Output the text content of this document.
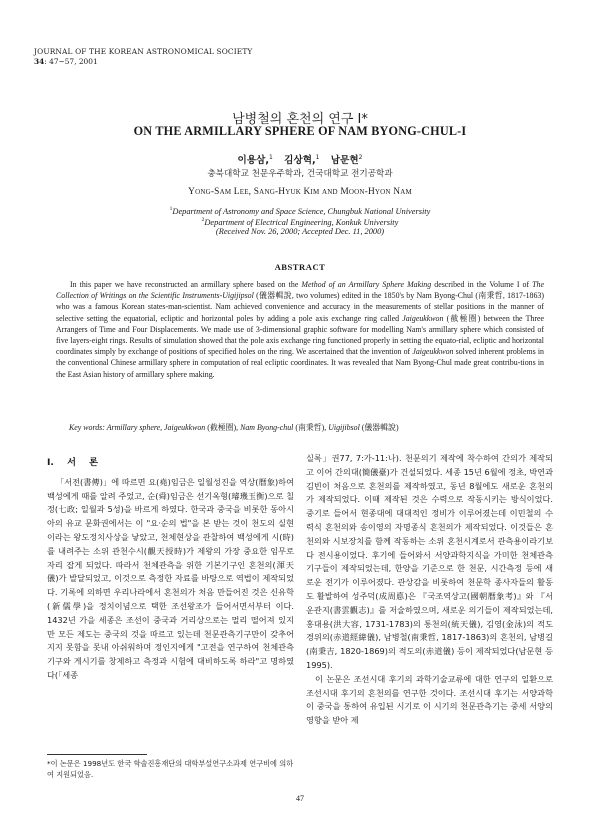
JOURNAL OF THE KOREAN ASTRONOMICAL SOCIETY
34: 47~57, 2001
남병철의 혼천의 연구 I*
ON THE ARMILLARY SPHERE OF NAM BYONG-CHUL-I
이용삼,$^1$ 김상혁,$^1$ 남문현$^2$
충북대학교 천문우주학과, 건국대학교 전기공학과
Yong-Sam Lee, Sang-Hyuk Kim and Moon-Hyon Nam
$^1$Department of Astronomy and Space Science, Chungbuk National University
$^2$Department of Electrical Engineering, Konkuk University
(Received Nov. 26, 2000; Accepted Dec. 11, 2000)
ABSTRACT
In this paper we have reconstructed an armillary sphere based on the Method of an Armillary Sphere Making described in the Volume I of The Collection of Writings on the Scientific Instruments-Uigijipsol (儀器輯說, two volumes) edited in the 1850's by Nam Byong-Chul (南秉哲, 1817-1863) who was a famous Korean states-man-scientist. Nam achieved convenience and accuracy in the measurements of stellar positions in the manner of selective setting the equatorial, ecliptic and horizontal poles by adding a pole axis exchange ring called Jaigeukkwon (截極圈) between the Three Arrangers of Time and Four Displacements. We made use of 3-dimensional graphic software for modelling Nam's armillary sphere which consisted of five layers-eight rings. Results of simulation showed that the pole axis exchange ring functioned properly in setting the equato-rial, ecliptic and horizontal coordinates simply by exchange of positions of specified holes on the ring. We ascertained that the invention of Jaigeukkwon solved inherent problems in the conventional Chinese armillary sphere in computation of real ecliptic coordinates. It was revealed that Nam Byong-Chul made great contribu-tions in the East Asian history of armillary sphere making.
Key words: Armillary sphere, Jaigeukkwon (截極圈), Nam Byong-chul (南秉哲), Uigijibsol (儀器輯說)
I. 서 론

「서전(書傳)」에 따르면 요(堯)임금은 일월성진을 역상(曆象)하여 백성에게 때를 알려 주었고, 순(舜)임금은 선기옥형(璿璣玉衡)으로 칠정(七政; 일월과 5성)을 바르게 하였다. 한국과 중국을 비롯한 동아시아의 유교 문화권에서는 이 "요·순의 법"을 본 받는 것이 천도의 실현이라는 왕도정치사상을 낳았고, 천체현상을 관찰하여 백성에게 시(時)를 내려주는 소위 관천수시(觀天授時)가 제왕의 가장 중요한 임무로 자리 잡게 되었다. 따라서 천체관측을 위한 기본기구인 혼천의(渾天儀)가 발달되었고, 이것으로 측정한 자료를 바탕으로 역법이 제작되었다. 기록에 의하면 우리나라에서 혼천의가 처음 만들어진 것은 신유학(新儒學)을 정치이념으로 택한 조선왕조가 들어서면서부터 이다. 1432년 가을 세종은 조선이 중국과 거리상으로는 멀리 떨어져 있지만 모든 제도는 중국의 것을 따르고 있는데 천문관측기구만이 갖추어지지 못함을 못내 아쉬워하며 정인지에게 "고전을 연구하여 천체관측기구와 게시기를 창제하고 측정과 시험에 대비하도록 하라"고 명하였다(「세종

실록」권77, 7:가-11:나). 천문의기 제작에 착수하여 간의가 제작되고 이어 간의대(簡儀臺)가 건설되었다. 세종 15년 6월에 정초, 박연과 김빈이 처음으로 혼천의를 제작하였고, 동년 8월에도 새로운 혼천의가 제작되었다. 이때 제작된 것은 수력으로 작동시키는 방식이었다. 중기로 들어서 현종대에 대대적인 정비가 이루어졌는데 이민철의 수력식 혼천의와 송이영의 자명종식 혼천의가 제작되었다. 이것들은 혼천의와 시보장치를 함께 작동하는 소위 혼천시계로서 관측용이라기보다 전시용이었다. 후기에 들어와서 서양과학지식을 가미한 천체관측기구들이 제작되었는데, 한양을 기준으로 한 천문, 시간측정 등에 새로운 전기가 이루어졌다. 관상감을 비롯하여 천문학 종사자들의 활동도 활발하여 성주덕(成周悳)은 『국조역상고(國朝曆象考)』와 『서운관지(書雲觀志)』를 저술하였으며, 새로운 의기들이 제작되었는데, 홍대용(洪大容, 1731-1783)의 통천의(統天儀), 김영(金泳)의 적도경위의(赤道經緯儀), 남병철(南秉哲, 1817-1863)의 혼천의, 남병길(南秉吉, 1820-1869)의 적도의(赤道儀) 등이 제작되었다(남문현 등 1995).

이 논문은 조선시대 후기의 과학기술교류에 대한 연구의 일환으로 조선시대 후기의 혼천의를 연구한 것이다. 조선시대 후기는 서양과학이 중국을 통하여 유입된 시기로 이 시기의 천문관측기는 중세 서양의 영향을 받아 제

*이 논문은 1998년도 한국 학술진흥재단의 대학부설연구소과제 연구비에 의하여 지원되었음.
47
